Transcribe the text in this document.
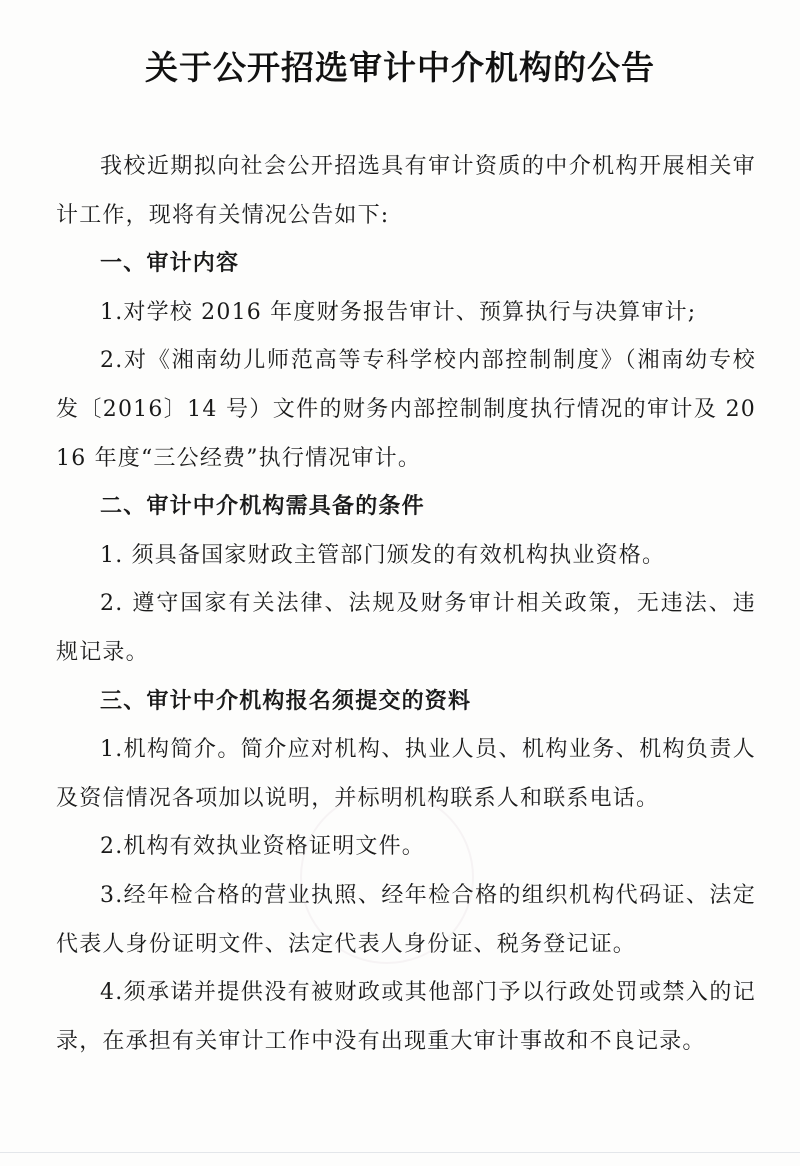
关于公开招选审计中介机构的公告

我校近期拟向社会公开招选具有审计资质的中介机构开展相关审计工作，现将有关情况公告如下:

一、审计内容

1.对学校 2016 年度财务报告审计、预算执行与决算审计;

2.对《湘南幼儿师范高等专科学校内部控制制度》（湘南幼专校发〔2016〕14 号）文件的财务内部控制制度执行情况的审计及 2016 年度“三公经费”执行情况审计。

二、审计中介机构需具备的条件

1. 须具备国家财政主管部门颁发的有效机构执业资格。

2. 遵守国家有关法律、法规及财务审计相关政策，无违法、违规记录。

三、审计中介机构报名须提交的资料

1.机构简介。简介应对机构、执业人员、机构业务、机构负责人及资信情况各项加以说明，并标明机构联系人和联系电话。

2.机构有效执业资格证明文件。

3.经年检合格的营业执照、经年检合格的组织机构代码证、法定代表人身份证明文件、法定代表人身份证、税务登记证。

4.须承诺并提供没有被财政或其他部门予以行政处罚或禁入的记录，在承担有关审计工作中没有出现重大审计事故和不良记录。
